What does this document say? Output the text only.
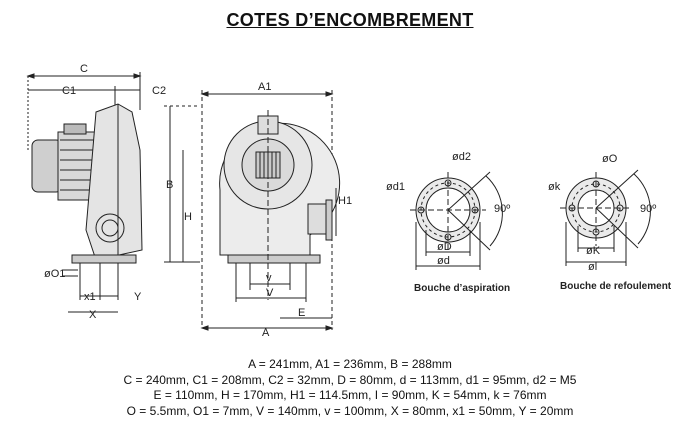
COTES D’ENCOMBREMENT
C
C1	C2
øO1
x1	Y
X
A1
B
H
H1
v
V
E
A
ød2
ød1
90º
øD
ød
Bouche d’aspiration
øO
øk
90º
øK
øl
Bouche de refoulement
A = 241mm, A1 = 236mm, B = 288mm
C = 240mm, C1 = 208mm, C2 = 32mm, D = 80mm, d = 113mm, d1 = 95mm, d2 = M5
E = 110mm, H = 170mm, H1 = 114.5mm, I = 90mm, K = 54mm, k = 76mm
O = 5.5mm, O1 = 7mm, V = 140mm, v = 100mm, X = 80mm, x1 = 50mm, Y = 20mm
